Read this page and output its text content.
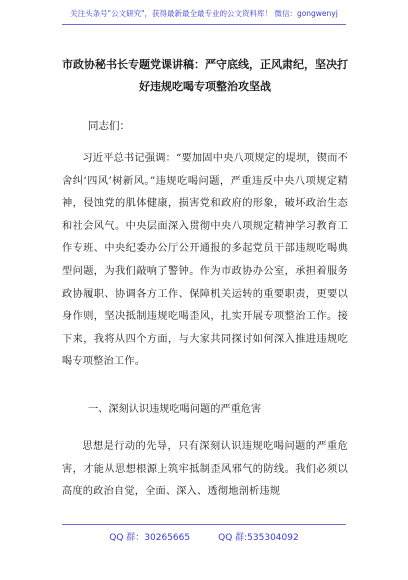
关注头条号"公文研究"，获得最新最全最专业的公文资料库！ 微信：gongwenyj
市政协秘书长专题党课讲稿：严守底线，正风肃纪，坚决打好违规吃喝专项整治攻坚战
同志们：
习近平总书记强调：“要加固中央八项规定的堤坝，锲而不舍纠‘四风’树新风。”违规吃喝问题，严重违反中央八项规定精神，侵蚀党的肌体健康，损害党和政府的形象，破坏政治生态和社会风气。中央层面深入贯彻中央八项规定精神学习教育工作专班、中央纪委办公厅公开通报的多起党员干部违规吃喝典型问题，为我们敲响了警钟。作为市政协办公室，承担着服务政协履职、协调各方工作、保障机关运转的重要职责，更要以身作则，坚决抵制违规吃喝歪风，扎实开展专项整治工作。接下来，我将从四个方面，与大家共同探讨如何深入推进违规吃喝专项整治工作。
一、深刻认识违规吃喝问题的严重危害
思想是行动的先导，只有深刻认识违规吃喝问题的严重危害，才能从思想根源上筑牢抵制歪风邪气的防线。我们必须以高度的政治自觉，全面、深入、透彻地剖析违规
QQ 群：30265665	QQ 群:535304092
